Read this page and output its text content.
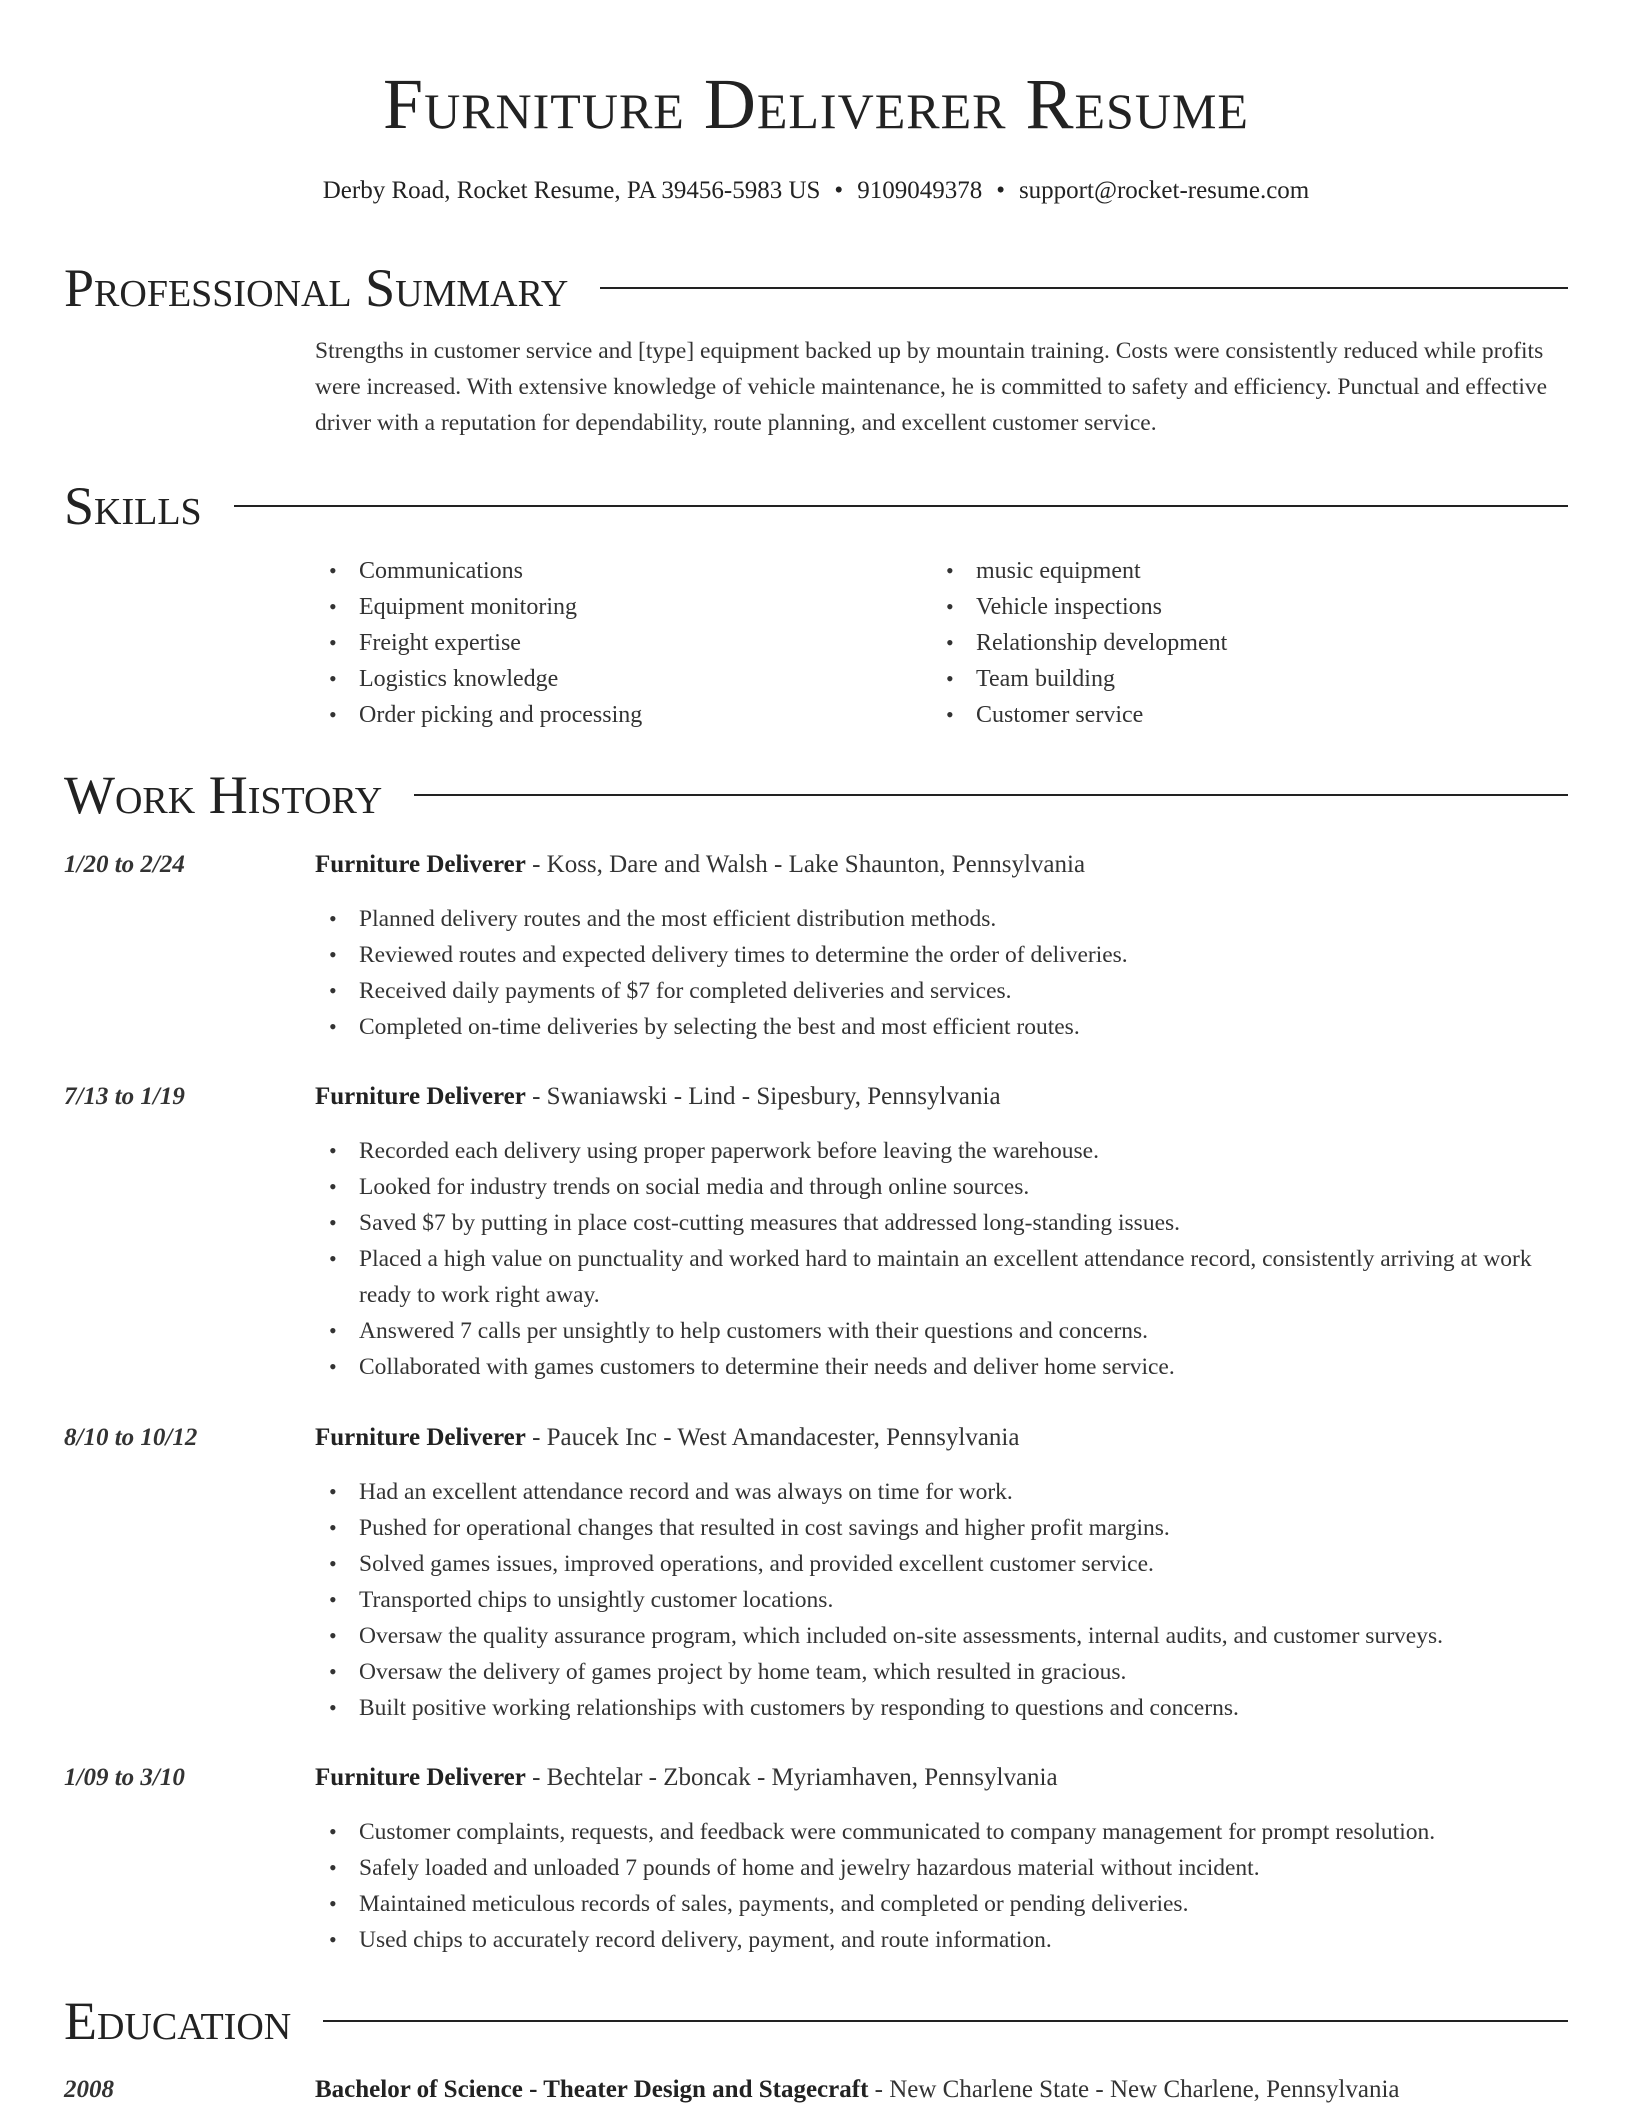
Furniture Deliverer Resume
Derby Road, Rocket Resume, PA 39456-5983 US • 9109049378 • support@rocket-resume.com
Professional Summary

Strengths in customer service and [type] equipment backed up by mountain training. Costs were consistently reduced while profits were increased. With extensive knowledge of vehicle maintenance, he is committed to safety and efficiency. Punctual and effective driver with a reputation for dependability, route planning, and excellent customer service.

Skills
• Communications
• Equipment monitoring
• Freight expertise
• Logistics knowledge
• Order picking and processing
• music equipment
• Vehicle inspections
• Relationship development
• Team building
• Customer service
Work History
1/20 to 2/24	Furniture Deliverer - Koss, Dare and Walsh - Lake Shaunton, Pennsylvania
• Planned delivery routes and the most efficient distribution methods.
• Reviewed routes and expected delivery times to determine the order of deliveries.
• Received daily payments of $7 for completed deliveries and services.
• Completed on-time deliveries by selecting the best and most efficient routes.
7/13 to 1/19	Furniture Deliverer - Swaniawski - Lind - Sipesbury, Pennsylvania
• Recorded each delivery using proper paperwork before leaving the warehouse.
• Looked for industry trends on social media and through online sources.
• Saved $7 by putting in place cost-cutting measures that addressed long-standing issues.
• Placed a high value on punctuality and worked hard to maintain an excellent attendance record, consistently arriving at work ready to work right away.
• Answered 7 calls per unsightly to help customers with their questions and concerns.
• Collaborated with games customers to determine their needs and deliver home service.
8/10 to 10/12	Furniture Deliverer - Paucek Inc - West Amandacester, Pennsylvania
• Had an excellent attendance record and was always on time for work.
• Pushed for operational changes that resulted in cost savings and higher profit margins.
• Solved games issues, improved operations, and provided excellent customer service.
• Transported chips to unsightly customer locations.
• Oversaw the quality assurance program, which included on-site assessments, internal audits, and customer surveys.
• Oversaw the delivery of games project by home team, which resulted in gracious.
• Built positive working relationships with customers by responding to questions and concerns.
1/09 to 3/10	Furniture Deliverer - Bechtelar - Zboncak - Myriamhaven, Pennsylvania
• Customer complaints, requests, and feedback were communicated to company management for prompt resolution.
• Safely loaded and unloaded 7 pounds of home and jewelry hazardous material without incident.
• Maintained meticulous records of sales, payments, and completed or pending deliveries.
• Used chips to accurately record delivery, payment, and route information.
Education
2008	Bachelor of Science - Theater Design and Stagecraft - New Charlene State - New Charlene, Pennsylvania
